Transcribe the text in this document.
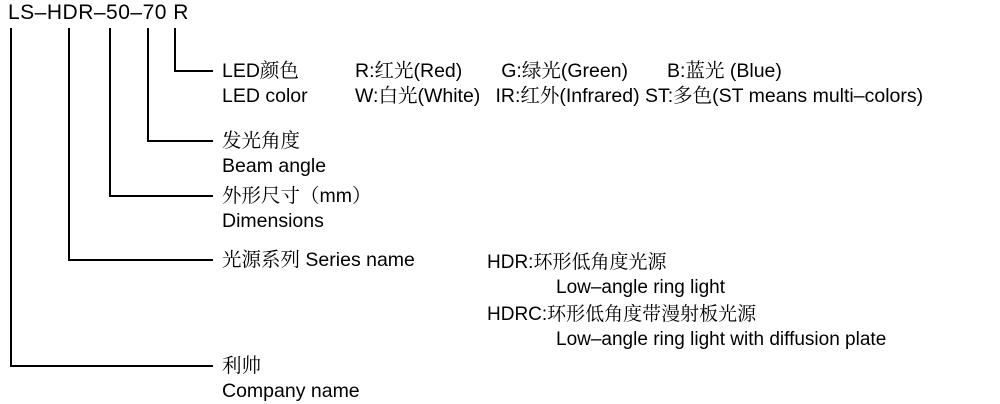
LS–HDR–50–70 R
LED颜色	R:红光(Red)  G:绿光(Green)  B:蓝光 (Blue)
LED color W:白光(White)  IR:红外(Infrared) ST:多色(ST means multi–colors)
发光角度
Beam angle
外形尺寸（mm）
Dimensions
光源系列 Series name	HDR:环形低角度光源
Low–angle ring light
HDRC:环形低角度带漫射板光源
Low–angle ring light with diffusion plate
利帅
Company name
